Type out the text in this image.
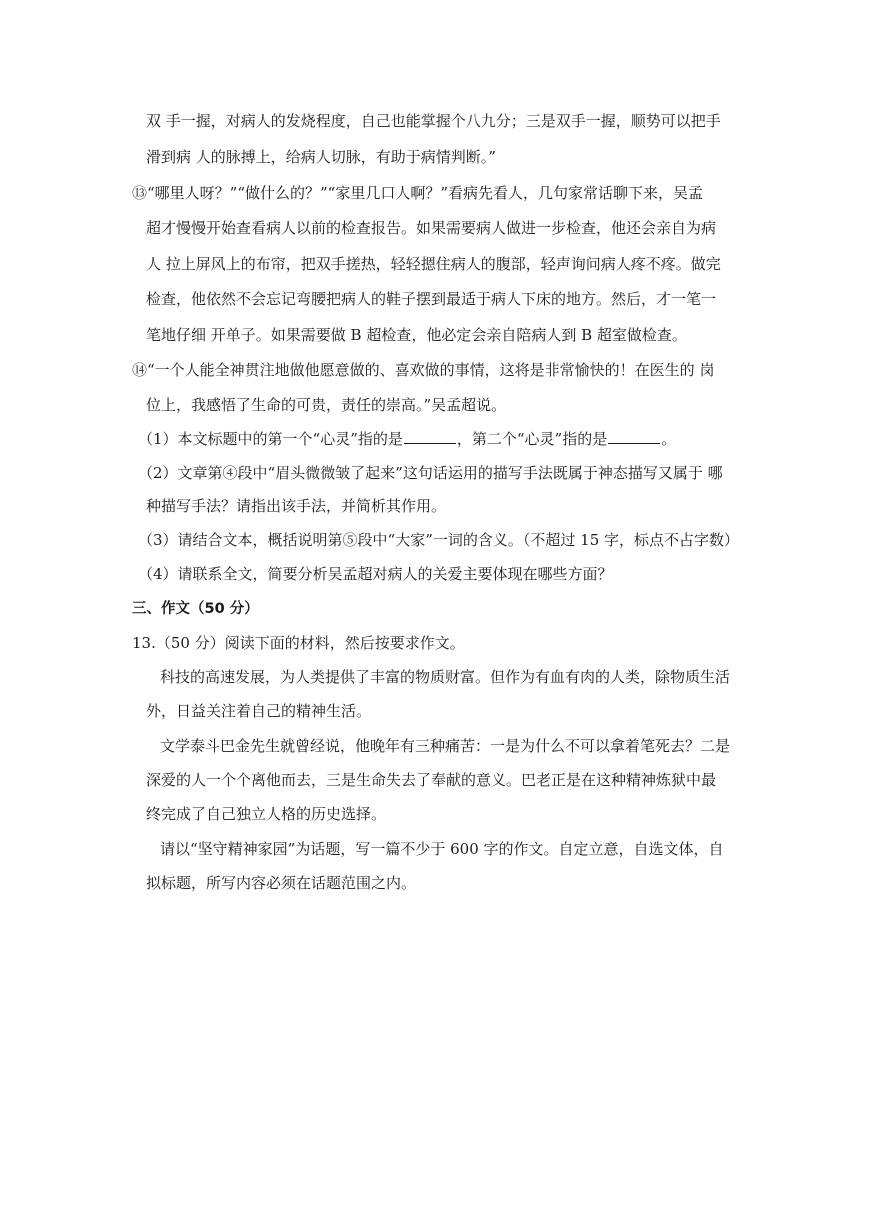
双 手一握，对病人的发烧程度，自己也能掌握个八九分；三是双手一握，顺势可以把手
滑到病 人的脉搏上，给病人切脉，有助于病情判断。”
⑬“哪里人呀？”“做什么的？”“家里几口人啊？”看病先看人，几句家常话聊下来，吴孟
超才慢慢开始查看病人以前的检查报告。如果需要病人做进一步检查，他还会亲自为病
人 拉上屏风上的布帘，把双手搓热，轻轻摁住病人的腹部，轻声询问病人疼不疼。做完
检查，他依然不会忘记弯腰把病人的鞋子摆到最适于病人下床的地方。然后，才一笔一
笔地仔细 开单子。如果需要做 B 超检查，他必定会亲自陪病人到 B 超室做检查。
⑭“一个人能全神贯注地做他愿意做的、喜欢做的事情，这将是非常愉快的！在医生的 岗
位上，我感悟了生命的可贵，责任的崇高。”吴孟超说。
（1）本文标题中的第一个“心灵”指的是	，第二个“心灵”指的是	。
（2）文章第④段中“眉头微微皱了起来”这句话运用的描写手法既属于神态描写又属于 哪
种描写手法？请指出该手法，并简析其作用。
（3）请结合文本，概括说明第⑤段中“大家”一词的含义。（不超过 15 字，标点不占字数）
（4）请联系全文，简要分析吴孟超对病人的关爱主要体现在哪些方面？
三、作文（50 分）
13.（50 分）阅读下面的材料，然后按要求作文。
科技的高速发展，为人类提供了丰富的物质财富。但作为有血有肉的人类，除物质生活
外，日益关注着自己的精神生活。
文学泰斗巴金先生就曾经说，他晚年有三种痛苦：一是为什么不可以拿着笔死去？二是
深爱的人一个个离他而去，三是生命失去了奉献的意义。巴老正是在这种精神炼狱中最
终完成了自己独立人格的历史选择。
请以“坚守精神家园”为话题，写一篇不少于 600 字的作文。自定立意，自选文体，自
拟标题，所写内容必须在话题范围之内。
